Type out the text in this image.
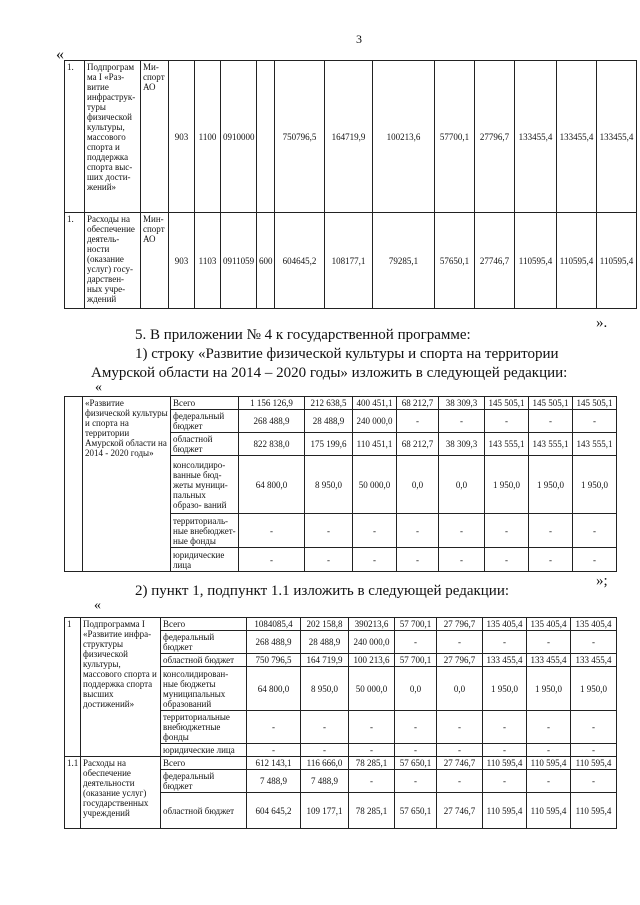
3
«
1.	Подпрограм ма I «Раз- витие инфраструк- туры физической культуры, массового спорта и поддержка спорта выс- ших дости- жений»	Ми- спорт АО	903	1100	0910000		750796,5	164719,9	100213,6	57700,1	27796,7	133455,4	133455,4	133455,4
1.	Расходы на обеспечение деятель- ности (оказание услуг) госу- дарствен- ных учре- ждений	Мин- спорт АО	903	1103	0911059	600	604645,2	108177,1	79285,1	57650,1	27746,7	110595,4	110595,4	110595,4
».
5. В приложении № 4 к государственной программе:
1) строку «Развитие физической культуры и спорта на территории
Амурской области на 2014 – 2020 годы» изложить в следующей редакции:
«
	«Развитие физической культуры и спорта на территории Амурской области на 2014 - 2020 годы»	Всего	1 156 126,9	212 638,5	400 451,1	68 212,7	38 309,3	145 505,1	145 505,1	145 505,1
		федеральный бюджет	268 488,9	28 488,9	240 000,0	-	-	-	-	-
		областной бюджет	822 838,0	175 199,6	110 451,1	68 212,7	38 309,3	143 555,1	143 555,1	143 555,1
		консолидиро- ванные бюд- жеты муници- пальных образо- ваний	64 800,0	8 950,0	50 000,0	0,0	0,0	1 950,0	1 950,0	1 950,0
		территориаль- ные внебюджет- ные фонды	-	-	-	-	-	-	-	-
		юридические лица	-	-	-	-	-	-	-	-
»;
2) пункт 1, подпункт 1.1 изложить в следующей редакции:
«
1	Подпрограмма I «Развитие инфра- структуры физической культуры, массового спорта и поддержка спорта высших достижений»	Всего	1084085,4	202 158,8	390213,6	57 700,1	27 796,7	135 405,4	135 405,4	135 405,4
		федеральный бюджет	268 488,9	28 488,9	240 000,0	-	-	-	-	-
		областной бюджет	750 796,5	164 719,9	100 213,6	57 700,1	27 796,7	133 455,4	133 455,4	133 455,4
		консолидирован- ные бюджеты муниципальных образований	64 800,0	8 950,0	50 000,0	0,0	0,0	1 950,0	1 950,0	1 950,0
		территориальные внебюджетные фонды	-	-	-	-	-	-	-	-
		юридические лица	-	-	-	-	-	-	-	-
1.1	Расходы на обеспечение деятельности (оказание услуг) государственных учреждений	Всего	612 143,1	116 666,0	78 285,1	57 650,1	27 746,7	110 595,4	110 595,4	110 595,4
		федеральный бюджет	7 488,9	7 488,9	-	-	-	-	-	-
		областной бюджет	604 645,2	109 177,1	78 285,1	57 650,1	27 746,7	110 595,4	110 595,4	110 595,4
